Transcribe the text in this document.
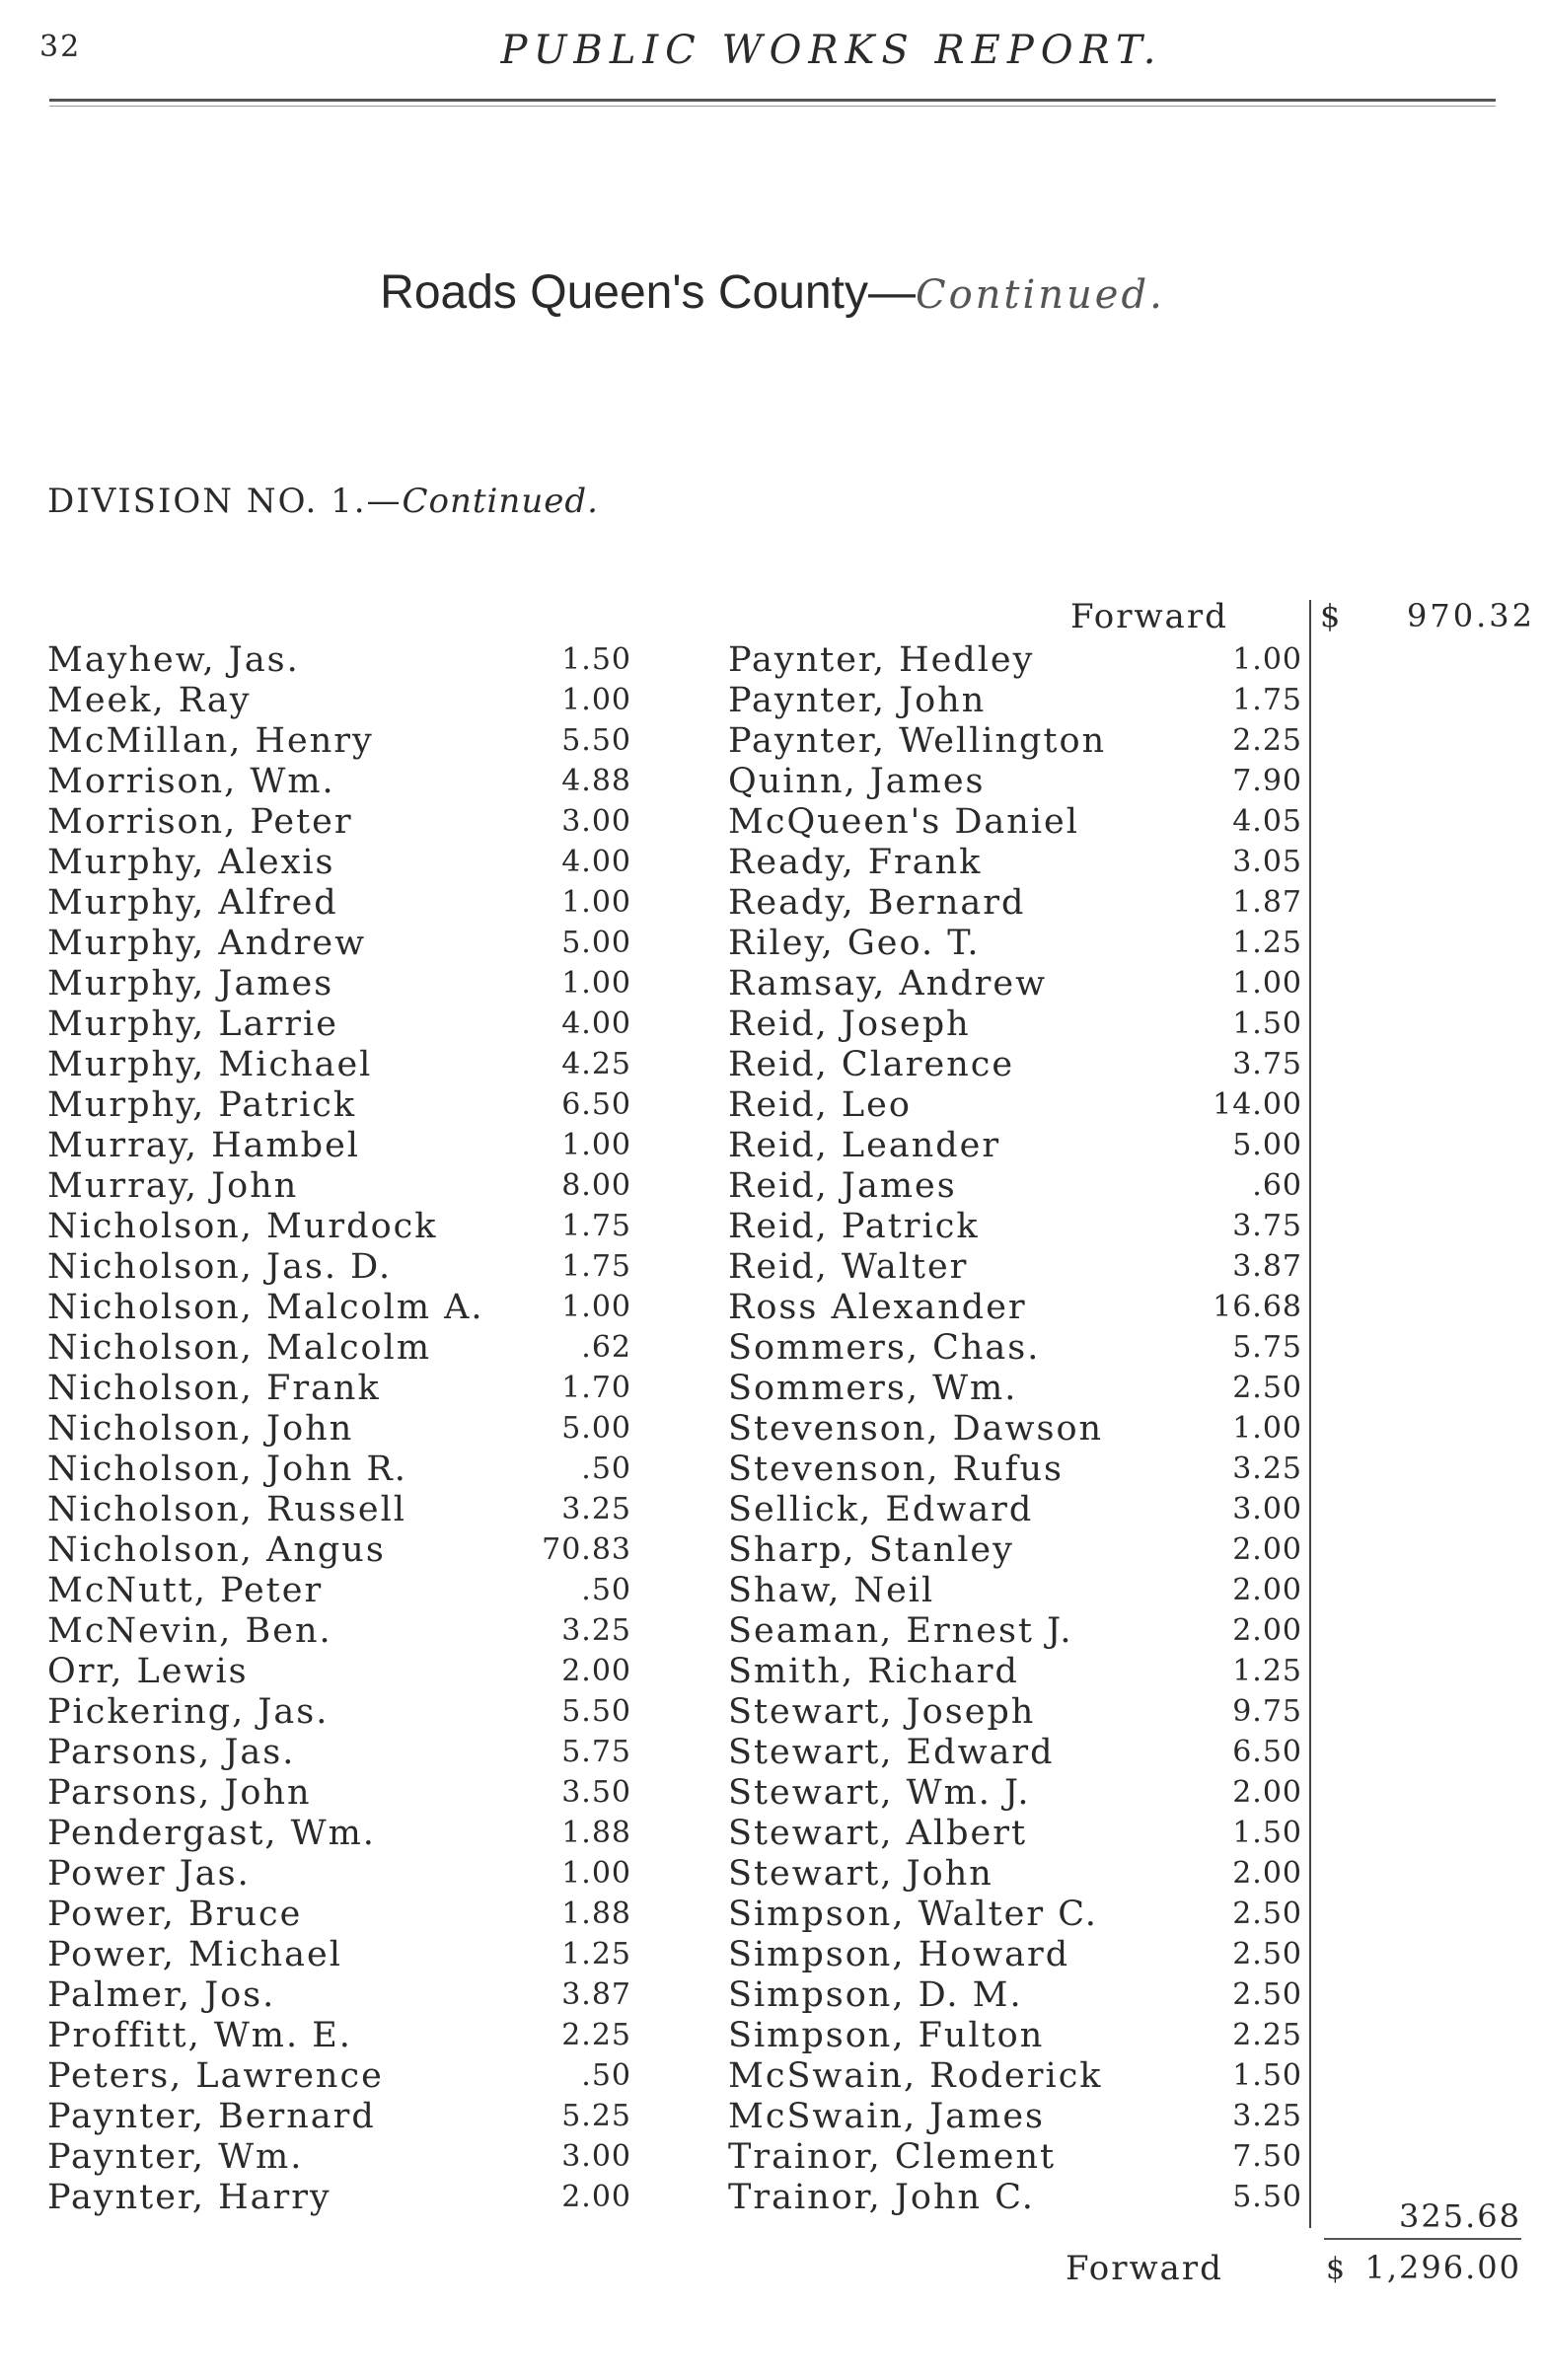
32	PUBLIC WORKS REPORT.
Roads Queen's County—Continued.
DIVISION NO. 1.—Continued.
Forward	$	970.32
Mayhew, Jas.	1.50
Meek, Ray	1.00
McMillan, Henry	5.50
Morrison, Wm.	4.88
Morrison, Peter	3.00
Murphy, Alexis	4.00
Murphy, Alfred	1.00
Murphy, Andrew	5.00
Murphy, James	1.00
Murphy, Larrie	4.00
Murphy, Michael	4.25
Murphy, Patrick	6.50
Murray, Hambel	1.00
Murray, John	8.00
Nicholson, Murdock	1.75
Nicholson, Jas. D.	1.75
Nicholson, Malcolm A.	1.00
Nicholson, Malcolm	.62
Nicholson, Frank	1.70
Nicholson, John	5.00
Nicholson, John R.	.50
Nicholson, Russell	3.25
Nicholson, Angus	70.83
McNutt, Peter	.50
McNevin, Ben.	3.25
Orr, Lewis	2.00
Pickering, Jas.	5.50
Parsons, Jas.	5.75
Parsons, John	3.50
Pendergast, Wm.	1.88
Power Jas.	1.00
Power, Bruce	1.88
Power, Michael	1.25
Palmer, Jos.	3.87
Proffitt, Wm. E.	2.25
Peters, Lawrence	.50
Paynter, Bernard	5.25
Paynter, Wm.	3.00
Paynter, Harry	2.00
Paynter, Hedley	1.00
Paynter, John	1.75
Paynter, Wellington	2.25
Quinn, James	7.90
McQueen's Daniel	4.05
Ready, Frank	3.05
Ready, Bernard	1.87
Riley, Geo. T.	1.25
Ramsay, Andrew	1.00
Reid, Joseph	1.50
Reid, Clarence	3.75
Reid, Leo	14.00
Reid, Leander	5.00
Reid, James	.60
Reid, Patrick	3.75
Reid, Walter	3.87
Ross Alexander	16.68
Sommers, Chas.	5.75
Sommers, Wm.	2.50
Stevenson, Dawson	1.00
Stevenson, Rufus	3.25
Sellick, Edward	3.00
Sharp, Stanley	2.00
Shaw, Neil	2.00
Seaman, Ernest J.	2.00
Smith, Richard	1.25
Stewart, Joseph	9.75
Stewart, Edward	6.50
Stewart, Wm. J.	2.00
Stewart, Albert	1.50
Stewart, John	2.00
Simpson, Walter C.	2.50
Simpson, Howard	2.50
Simpson, D. M.	2.50
Simpson, Fulton	2.25
McSwain, Roderick	1.50
McSwain, James	3.25
Trainor, Clement	7.50
Trainor, John C.	5.50
325.68
Forward	$ 1,296.00
